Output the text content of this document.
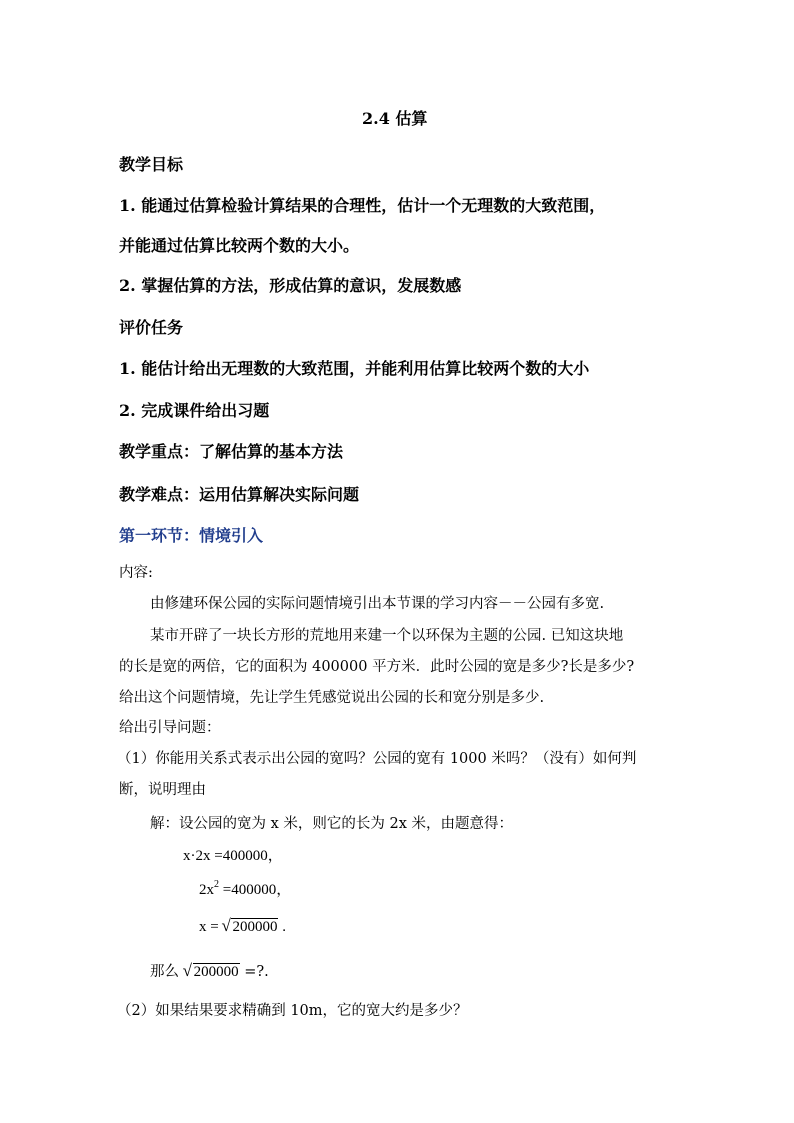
2.4 估算
教学目标
1. 能通过估算检验计算结果的合理性，估计一个无理数的大致范围，
并能通过估算比较两个数的大小。
2. 掌握估算的方法，形成估算的意识，发展数感
评价任务
1. 能估计给出无理数的大致范围，并能利用估算比较两个数的大小
2. 完成课件给出习题
教学重点：了解估算的基本方法
教学难点：运用估算解决实际问题
第一环节：情境引入
内容:
由修建环保公园的实际问题情境引出本节课的学习内容－－公园有多宽.
某市开辟了一块长方形的荒地用来建一个以环保为主题的公园. 已知这块地
的长是宽的两倍，它的面积为 400000 平方米．此时公园的宽是多少?长是多少?
给出这个问题情境，先让学生凭感觉说出公园的长和宽分别是多少.
给出引导问题：
（1）你能用关系式表示出公园的宽吗？公园的宽有 1000 米吗？（没有）如何判
断，说明理由
解：设公园的宽为 x 米，则它的长为 2x 米，由题意得：
x·2x =400000，
$2x^2 =400000$，
x = √ 200000 .
那么 √ 200000 =?.
（2）如果结果要求精确到 10m，它的宽大约是多少？
